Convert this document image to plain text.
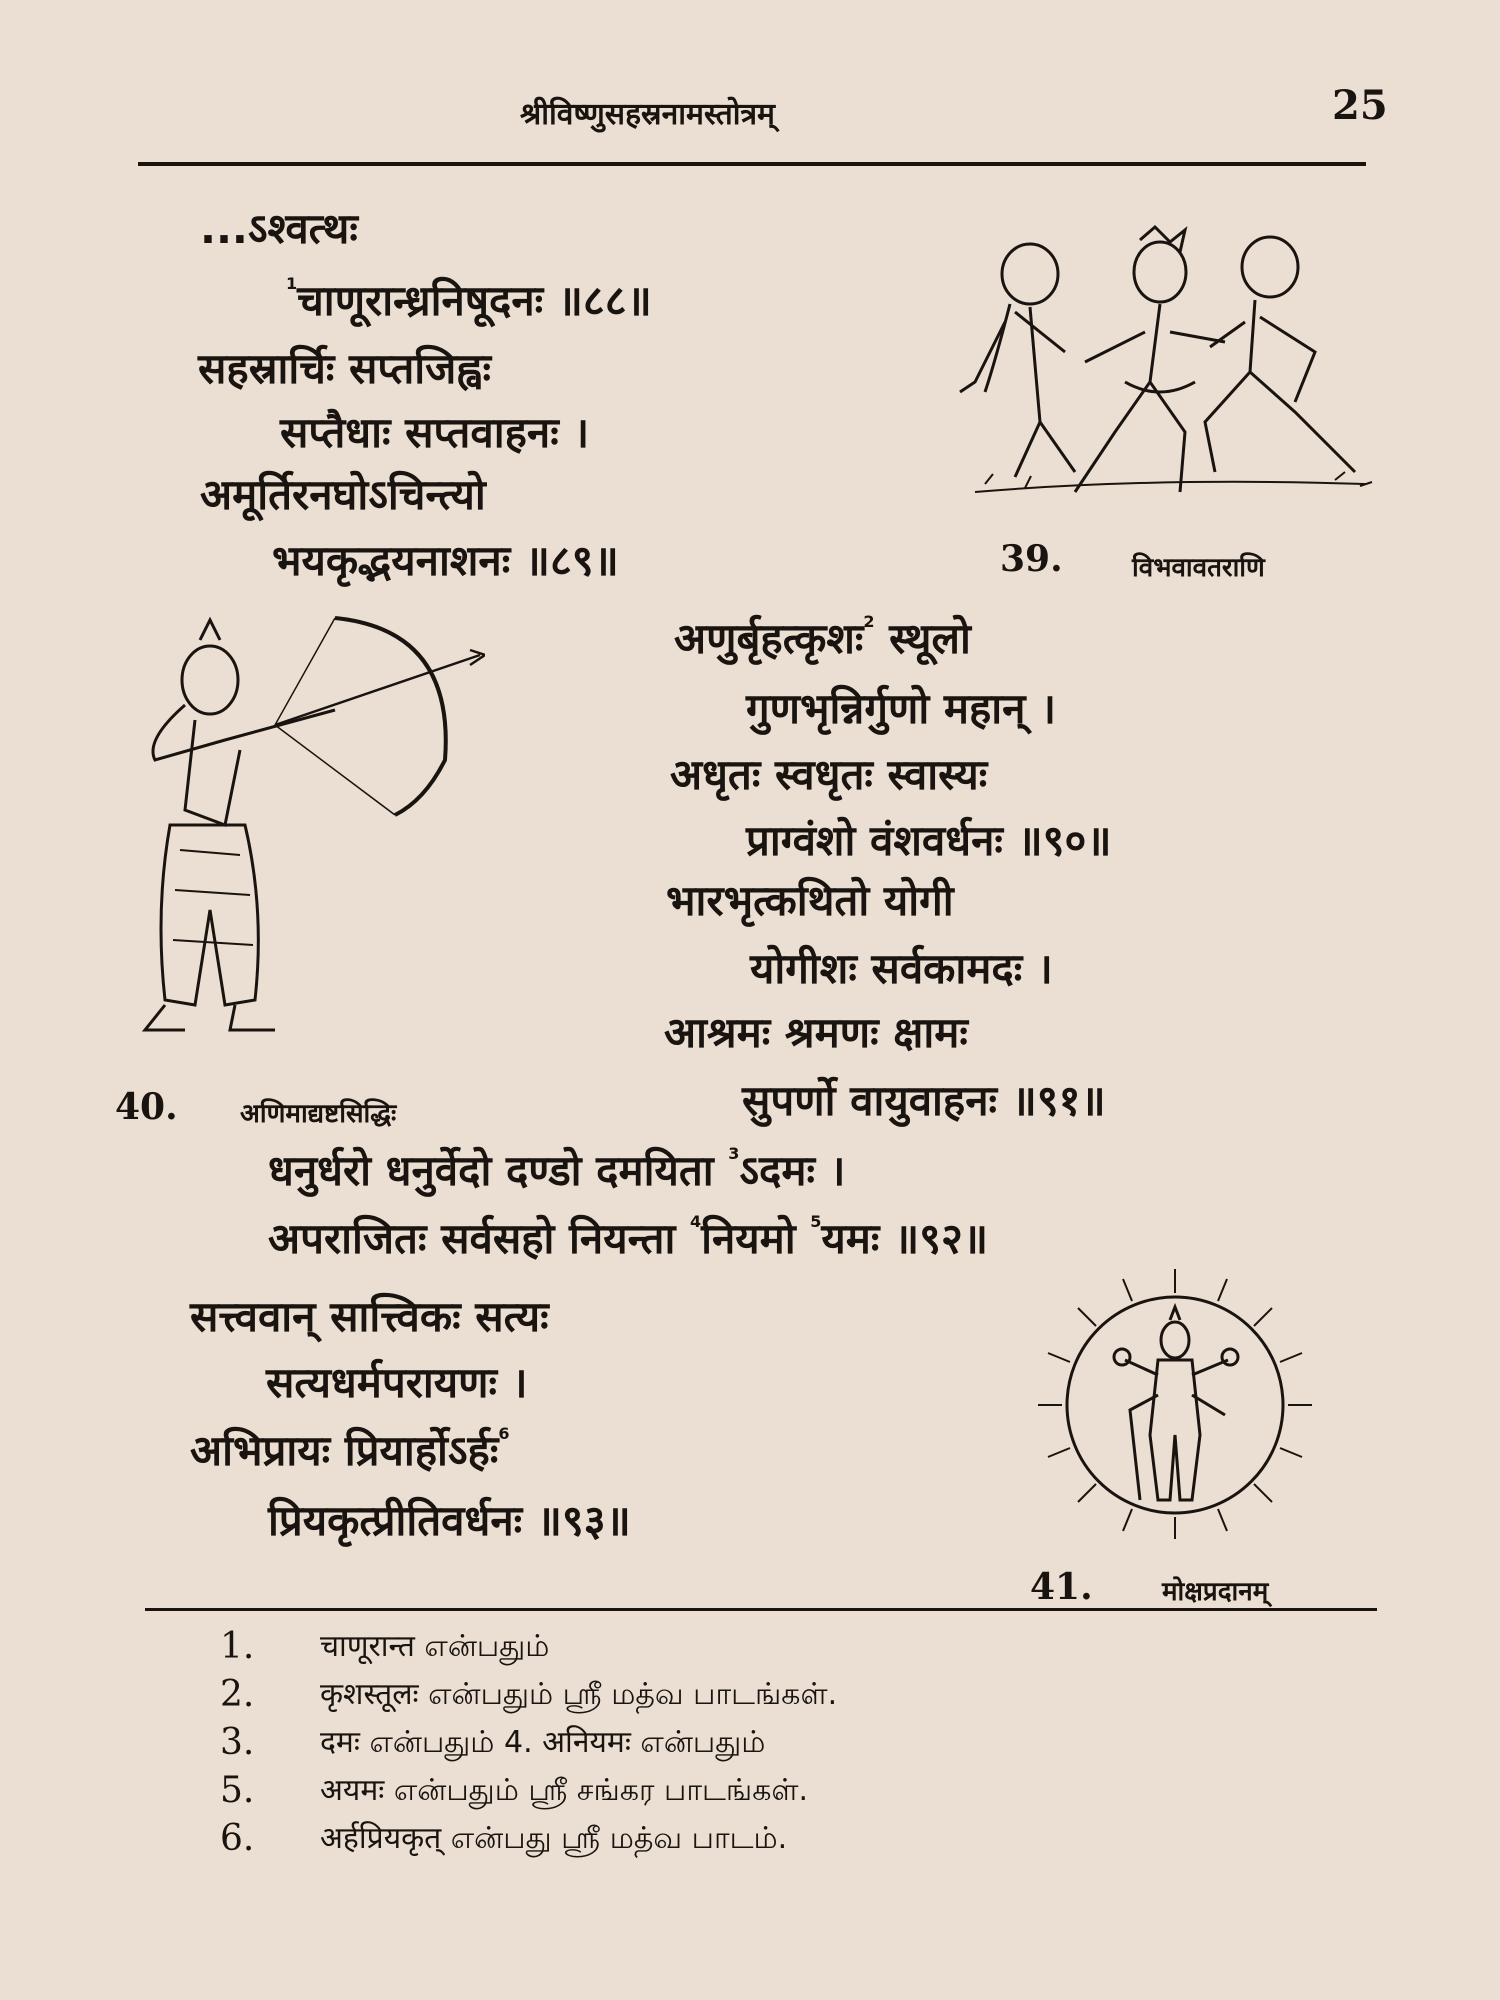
श्रीविष्णुसहस्रनामस्तोत्रम्	25
...ऽश्वत्थः
$^1$चाणूरान्ध्रनिषूदनः ॥८८॥
सहस्रार्चिः सप्तजिह्वः
सप्तैधाः सप्तवाहनः ।
अमूर्तिरनघोऽचिन्त्यो
भयकृद्भयनाशनः ॥८९॥
अणुर्बृहत्कृशः$^2$ स्थूलो
गुणभृन्निर्गुणो महान् ।
अधृतः स्वधृतः स्वास्यः
प्राग्वंशो वंशवर्धनः ॥९०॥
भारभृत्कथितो योगी
योगीशः सर्वकामदः ।
आश्रमः श्रमणः क्षामः
सुपर्णो वायुवाहनः ॥९१॥
धनुर्धरो धनुर्वेदो दण्डो दमयिता $^3$ऽदमः ।
अपराजितः सर्वसहो नियन्ता $^4$नियमो $^5$यमः ॥९२॥
सत्त्ववान् सात्त्विकः सत्यः
सत्यधर्मपरायणः ।
अभिप्रायः प्रियार्होऽर्हः$^6$
प्रियकृत्प्रीतिवर्धनः ॥९३॥
39.	विभवावतराणि
40. अणिमाद्यष्टसिद्धिः
41.	मोक्षप्रदानम्
1.	चाणूरान्त என்பதும்
2.	कृशस्तूलः என்பதும் ஸ்ரீ மத்வ பாடங்கள்.
3.	दमः என்பதும் 4. अनियमः என்பதும்
5.	अयमः என்பதும் ஸ்ரீ சங்கர பாடங்கள்.
6.	अर्हप्रियकृत् என்பது ஸ்ரீ மத்வ பாடம்.
